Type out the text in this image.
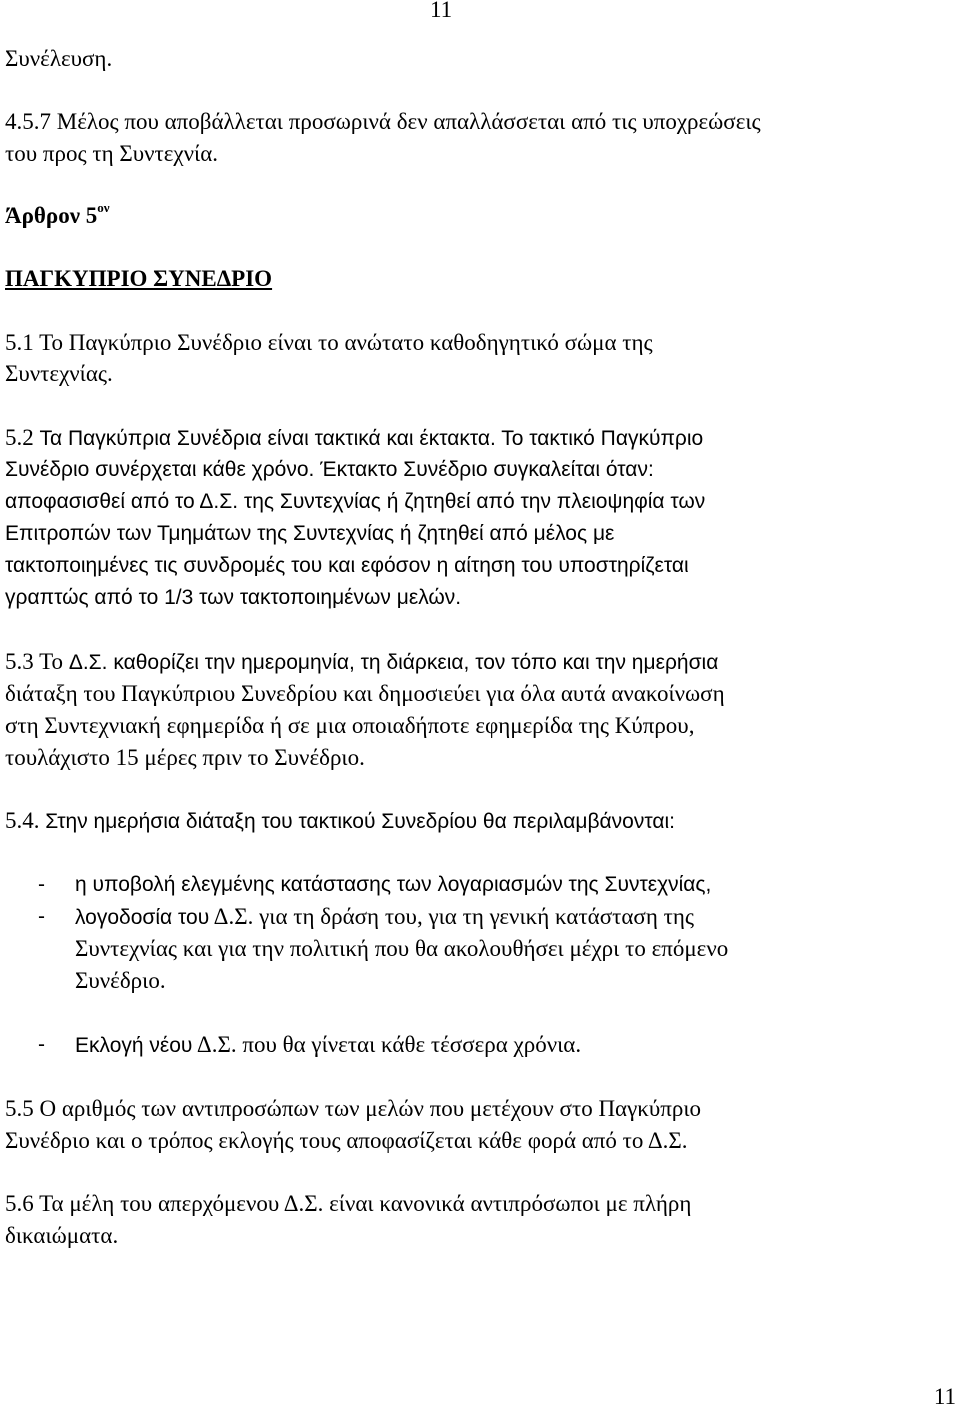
11
Συνέλευση.
4.5.7 Μέλος που αποβάλλεται προσωρινά δεν απαλλάσσεται από τις υποχρεώσεις
του προς τη Συντεχνία.
Άρθρον $5^{o\nu}$
ΠΑΓΚΥΠΡΙΟ ΣΥΝΕΔΡΙΟ
5.1 Το Παγκύπριο Συνέδριο είναι το ανώτατο καθοδηγητικό σώμα της
Συντεχνίας.
5.2 Τα Παγκύπρια Συνέδρια είναι τακτικά και έκτακτα. Το τακτικό Παγκύπριο
Συνέδριο συνέρχεται κάθε χρόνο. Έκτακτο Συνέδριο συγκαλείται όταν:
αποφασισθεί από το Δ.Σ. της Συντεχνίας ή ζητηθεί από την πλειοψηφία των
Επιτροπών των Τμημάτων της Συντεχνίας ή ζητηθεί από μέλος με
τακτοποιημένες τις συνδρομές του και εφόσον η αίτηση του υποστηρίζεται
γραπτώς από το 1/3 των τακτοποιημένων μελών.
5.3 Το Δ.Σ. καθορίζει την ημερομηνία, τη διάρκεια, τον τόπο και την ημερήσια
διάταξη του Παγκύπριου Συνεδρίου και δημοσιεύει για όλα αυτά ανακοίνωση
στη Συντεχνιακή εφημερίδα ή σε μια οποιαδήποτε εφημερίδα της Κύπρου,
τουλάχιστο 15 μέρες πριν το Συνέδριο.
5.4. Στην ημερήσια διάταξη του τακτικού Συνεδρίου θα περιλαμβάνονται:
- η υποβολή ελεγμένης κατάστασης των λογαριασμών της Συντεχνίας,
- λογοδοσία του Δ.Σ. για τη δράση του, για τη γενική κατάσταση της
Συντεχνίας και για την πολιτική που θα ακολουθήσει μέχρι το επόμενο
Συνέδριο.
- Εκλογή νέου Δ.Σ. που θα γίνεται κάθε τέσσερα χρόνια.
5.5 Ο αριθμός των αντιπροσώπων των μελών που μετέχουν στο Παγκύπριο
Συνέδριο και ο τρόπος εκλογής τους αποφασίζεται κάθε φορά από το Δ.Σ.
5.6 Τα μέλη του απερχόμενου Δ.Σ. είναι κανονικά αντιπρόσωποι με πλήρη
δικαιώματα.
11
